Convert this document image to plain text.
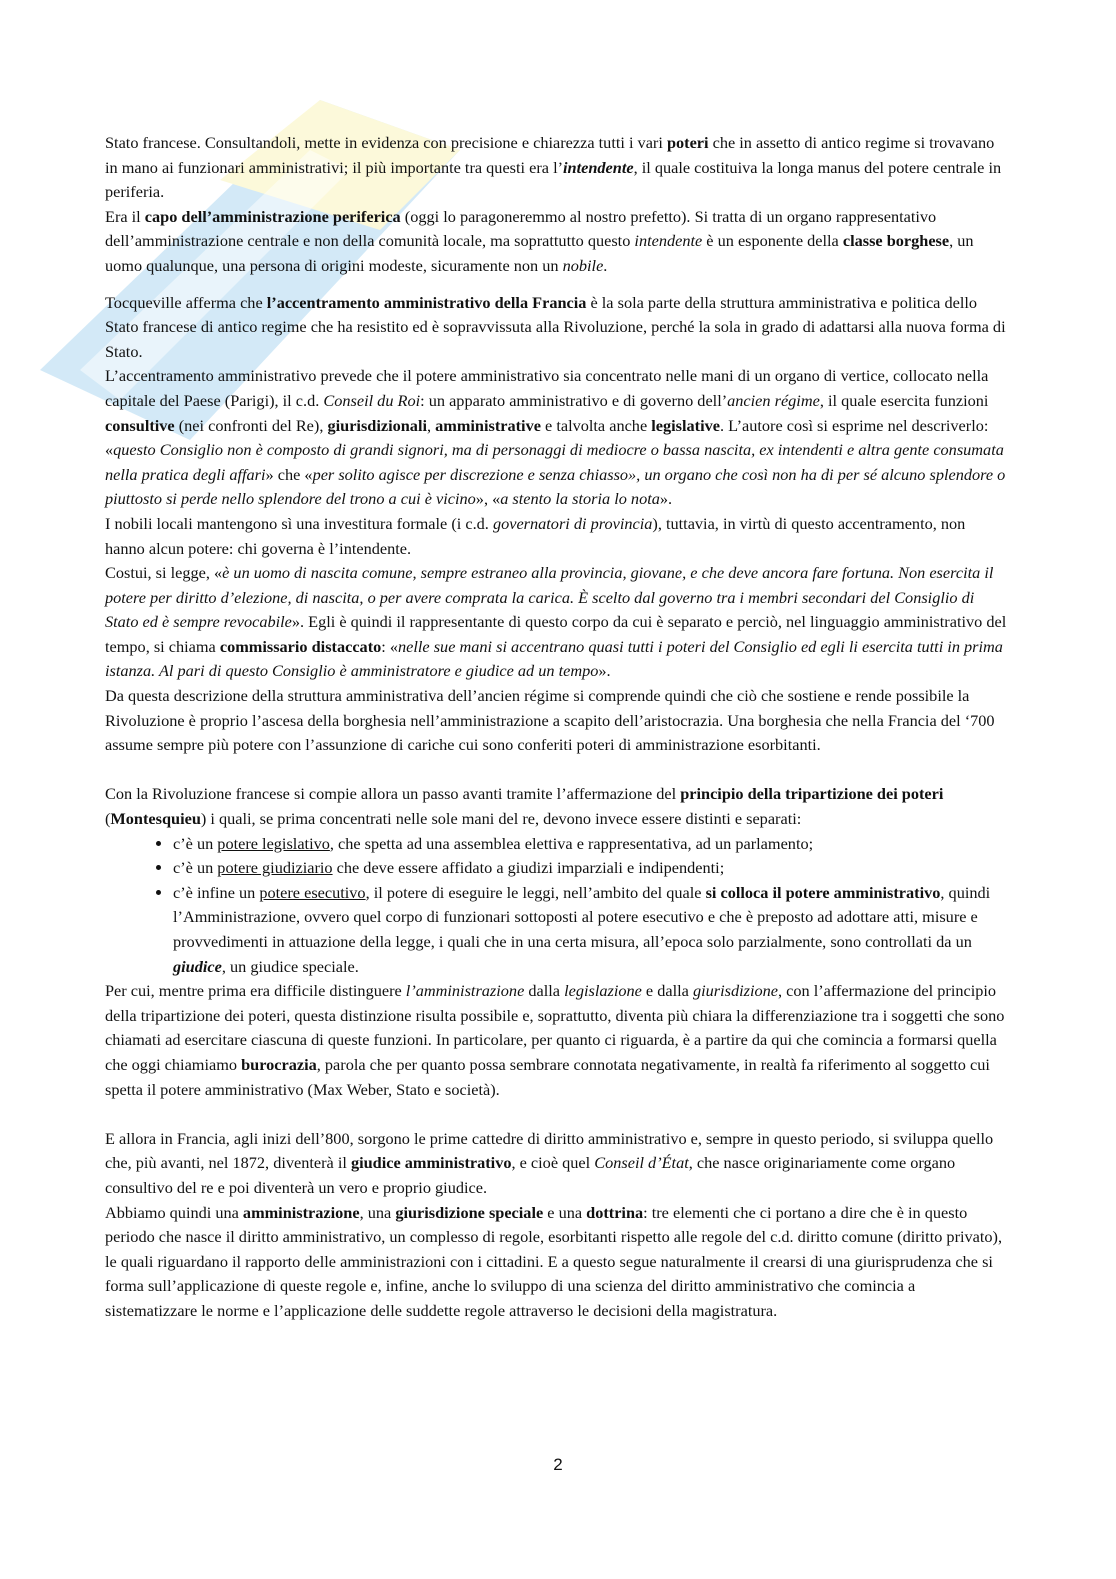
Stato francese. Consultandoli, mette in evidenza con precisione e chiarezza tutti i vari poteri che in assetto di antico regime si trovavano in mano ai funzionari amministrativi; il più importante tra questi era l’intendente, il quale costituiva la longa manus del potere centrale in periferia.

Era il capo dell’amministrazione periferica (oggi lo paragoneremmo al nostro prefetto). Si tratta di un organo rappresentativo dell’amministrazione centrale e non della comunità locale, ma soprattutto questo intendente è un esponente della classe borghese, un uomo qualunque, una persona di origini modeste, sicuramente non un nobile.

Tocqueville afferma che l’accentramento amministrativo della Francia è la sola parte della struttura amministrativa e politica dello Stato francese di antico regime che ha resistito ed è sopravvissuta alla Rivoluzione, perché la sola in grado di adattarsi alla nuova forma di Stato.

L’accentramento amministrativo prevede che il potere amministrativo sia concentrato nelle mani di un organo di vertice, collocato nella capitale del Paese (Parigi), il c.d. Conseil du Roi: un apparato amministrativo e di governo dell’ancien régime, il quale esercita funzioni consultive (nei confronti del Re), giurisdizionali, amministrative e talvolta anche legislative. L’autore così si esprime nel descriverlo: «questo Consiglio non è composto di grandi signori, ma di personaggi di mediocre o bassa nascita, ex intendenti e altra gente consumata nella pratica degli affari» che «per solito agisce per discrezione e senza chiasso», un organo che così non ha di per sé alcuno splendore o piuttosto si perde nello splendore del trono a cui è vicino», «a stento la storia lo nota».

I nobili locali mantengono sì una investitura formale (i c.d. governatori di provincia), tuttavia, in virtù di questo accentramento, non hanno alcun potere: chi governa è l’intendente.

Costui, si legge, «è un uomo di nascita comune, sempre estraneo alla provincia, giovane, e che deve ancora fare fortuna. Non esercita il potere per diritto d’elezione, di nascita, o per avere comprata la carica. È scelto dal governo tra i membri secondari del Consiglio di Stato ed è sempre revocabile». Egli è quindi il rappresentante di questo corpo da cui è separato e perciò, nel linguaggio amministrativo del tempo, si chiama commissario distaccato: «nelle sue mani si accentrano quasi tutti i poteri del Consiglio ed egli li esercita tutti in prima istanza. Al pari di questo Consiglio è amministratore e giudice ad un tempo».

Da questa descrizione della struttura amministrativa dell’ancien régime si comprende quindi che ciò che sostiene e rende possibile la Rivoluzione è proprio l’ascesa della borghesia nell’amministrazione a scapito dell’aristocrazia. Una borghesia che nella Francia del ‘700 assume sempre più potere con l’assunzione di cariche cui sono conferiti poteri di amministrazione esorbitanti.

Con la Rivoluzione francese si compie allora un passo avanti tramite l’affermazione del principio della tripartizione dei poteri (Montesquieu) i quali, se prima concentrati nelle sole mani del re, devono invece essere distinti e separati:

• c’è un potere legislativo, che spetta ad una assemblea elettiva e rappresentativa, ad un parlamento;
• c’è un potere giudiziario che deve essere affidato a giudizi imparziali e indipendenti;
• c’è infine un potere esecutivo, il potere di eseguire le leggi, nell’ambito del quale si colloca il potere amministrativo, quindi l’Amministrazione, ovvero quel corpo di funzionari sottoposti al potere esecutivo e che è preposto ad adottare atti, misure e provvedimenti in attuazione della legge, i quali che in una certa misura, all’epoca solo parzialmente, sono controllati da un giudice, un giudice speciale.

Per cui, mentre prima era difficile distinguere l’amministrazione dalla legislazione e dalla giurisdizione, con l’affermazione del principio della tripartizione dei poteri, questa distinzione risulta possibile e, soprattutto, diventa più chiara la differenziazione tra i soggetti che sono chiamati ad esercitare ciascuna di queste funzioni. In particolare, per quanto ci riguarda, è a partire da qui che comincia a formarsi quella che oggi chiamiamo burocrazia, parola che per quanto possa sembrare connotata negativamente, in realtà fa riferimento al soggetto cui spetta il potere amministrativo (Max Weber, Stato e società).

E allora in Francia, agli inizi dell’800, sorgono le prime cattedre di diritto amministrativo e, sempre in questo periodo, si sviluppa quello che, più avanti, nel 1872, diventerà il giudice amministrativo, e cioè quel Conseil d’État, che nasce originariamente come organo consultivo del re e poi diventerà un vero e proprio giudice.

Abbiamo quindi una amministrazione, una giurisdizione speciale e una dottrina: tre elementi che ci portano a dire che è in questo periodo che nasce il diritto amministrativo, un complesso di regole, esorbitanti rispetto alle regole del c.d. diritto comune (diritto privato), le quali riguardano il rapporto delle amministrazioni con i cittadini. E a questo segue naturalmente il crearsi di una giurisprudenza che si forma sull’applicazione di queste regole e, infine, anche lo sviluppo di una scienza del diritto amministrativo che comincia a sistematizzare le norme e l’applicazione delle suddette regole attraverso le decisioni della magistratura.

2
